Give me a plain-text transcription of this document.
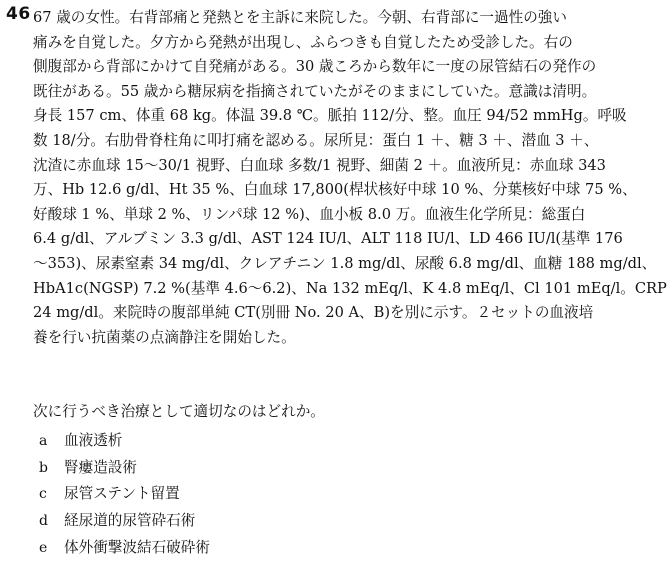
46 67 歳の女性。右背部痛と発熱とを主訴に来院した。今朝、右背部に一過性の強い
痛みを自覚した。夕方から発熱が出現し、ふらつきも自覚したため受診した。右の
側腹部から背部にかけて自発痛がある。30 歳ころから数年に一度の尿管結石の発作の
既往がある。55 歳から糖尿病を指摘されていたがそのままにしていた。意識は清明。
身長 157 cm、体重 68 kg。体温 39.8 ℃。脈拍 112/分、整。血圧 94/52 mmHg。呼吸
数 18/分。右肋骨脊柱角に叩打痛を認める。尿所見：蛋白 1 ＋、糖 3 ＋、潜血 3 ＋、
沈渣に赤血球 15～30/1 視野、白血球 多数/1 視野、細菌 2 ＋。血液所見：赤血球 343
万、Hb 12.6 g/dl、Ht 35 %、白血球 17,800(桿状核好中球 10 %、分葉核好中球 75 %、
好酸球 1 %、単球 2 %、リンパ球 12 %)、血小板 8.0 万。血液生化学所見：総蛋白
6.4 g/dl、アルブミン 3.3 g/dl、AST 124 IU/l、ALT 118 IU/l、LD 466 IU/l(基準 176
～353)、尿素窒素 34 mg/dl、クレアチニン 1.8 mg/dl、尿酸 6.8 mg/dl、血糖 188 mg/dl、
HbA1c(NGSP) 7.2 %(基準 4.6～6.2)、Na 132 mEq/l、K 4.8 mEq/l、Cl 101 mEq/l。CRP
24 mg/dl。来院時の腹部単純 CT(別冊 No. 20 A、B)を別に示す。２セットの血液培
養を行い抗菌薬の点滴静注を開始した。
次に行うべき治療として適切なのはどれか。
a	血液透析
b	腎瘻造設術
c	尿管ステント留置
d	経尿道的尿管砕石術
e	体外衝撃波結石破砕術
